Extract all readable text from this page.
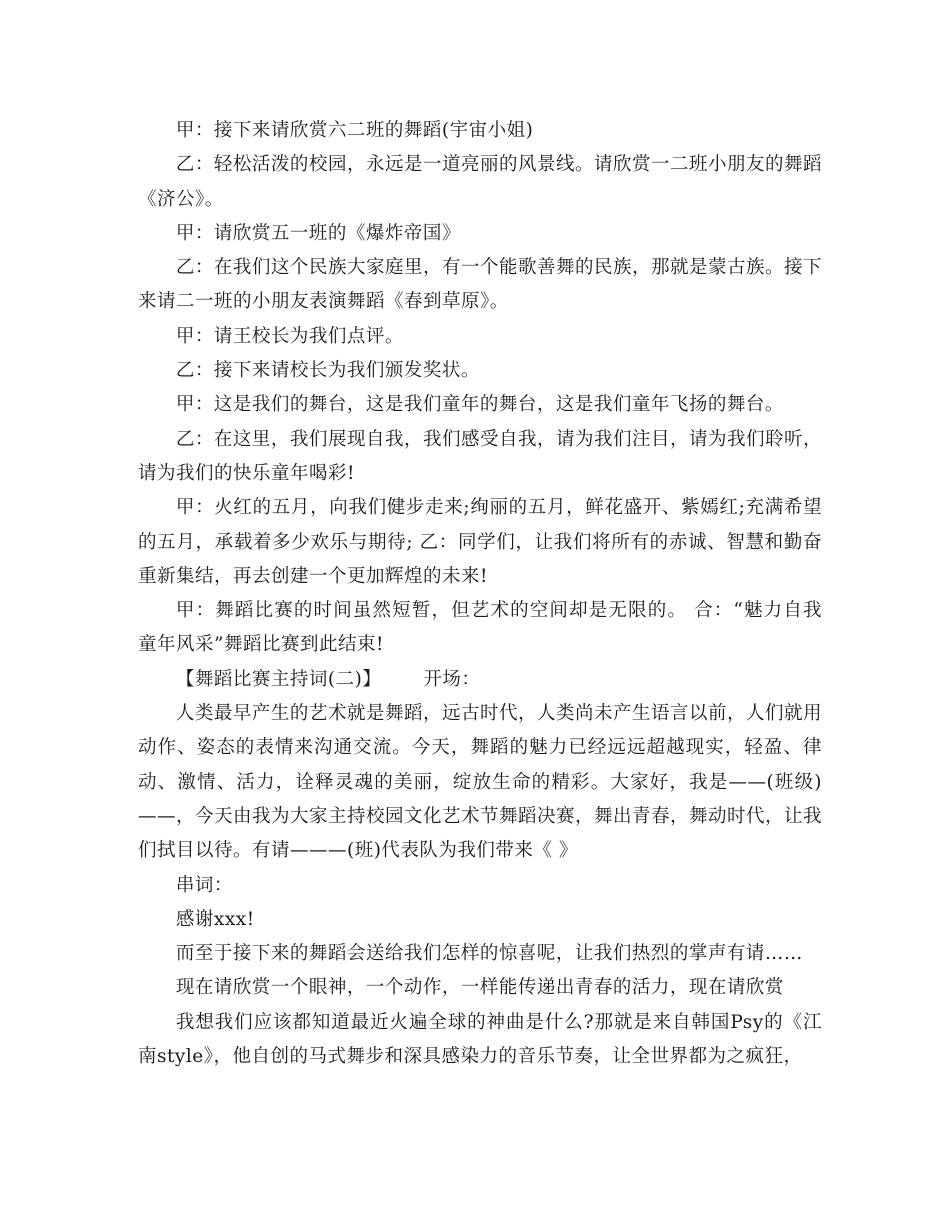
甲：接下来请欣赏六二班的舞蹈(宇宙小姐)

乙：轻松活泼的校园，永远是一道亮丽的风景线。请欣赏一二班小朋友的舞蹈《济公》。

甲：请欣赏五一班的《爆炸帝国》

乙：在我们这个民族大家庭里，有一个能歌善舞的民族，那就是蒙古族。接下来请二一班的小朋友表演舞蹈《春到草原》。

甲：请王校长为我们点评。

乙：接下来请校长为我们颁发奖状。

甲：这是我们的舞台，这是我们童年的舞台，这是我们童年飞扬的舞台。

乙：在这里，我们展现自我，我们感受自我，请为我们注目，请为我们聆听，请为我们的快乐童年喝彩!

甲：火红的五月，向我们健步走来;绚丽的五月，鲜花盛开、紫嫣红;充满希望的五月，承载着多少欢乐与期待; 乙：同学们，让我们将所有的赤诚、智慧和勤奋重新集结，再去创建一个更加辉煌的未来!

甲：舞蹈比赛的时间虽然短暂，但艺术的空间却是无限的。 合：“魅力自我 童年风采”舞蹈比赛到此结束!

【舞蹈比赛主持词(二)】 开场：

人类最早产生的艺术就是舞蹈，远古时代，人类尚未产生语言以前，人们就用动作、姿态的表情来沟通交流。今天，舞蹈的魅力已经远远超越现实，轻盈、律动、激情、活力，诠释灵魂的美丽，绽放生命的精彩。大家好，我是——(班级)——，今天由我为大家主持校园文化艺术节舞蹈决赛，舞出青春，舞动时代，让我们拭目以待。有请———(班)代表队为我们带来《 》

串词：

感谢xxx!

而至于接下来的舞蹈会送给我们怎样的惊喜呢，让我们热烈的掌声有请……

现在请欣赏一个眼神，一个动作，一样能传递出青春的活力，现在请欣赏

我想我们应该都知道最近火遍全球的神曲是什么?那就是来自韩国Psy的《江南style》，他自创的马式舞步和深具感染力的音乐节奏，让全世界都为之疯狂，
